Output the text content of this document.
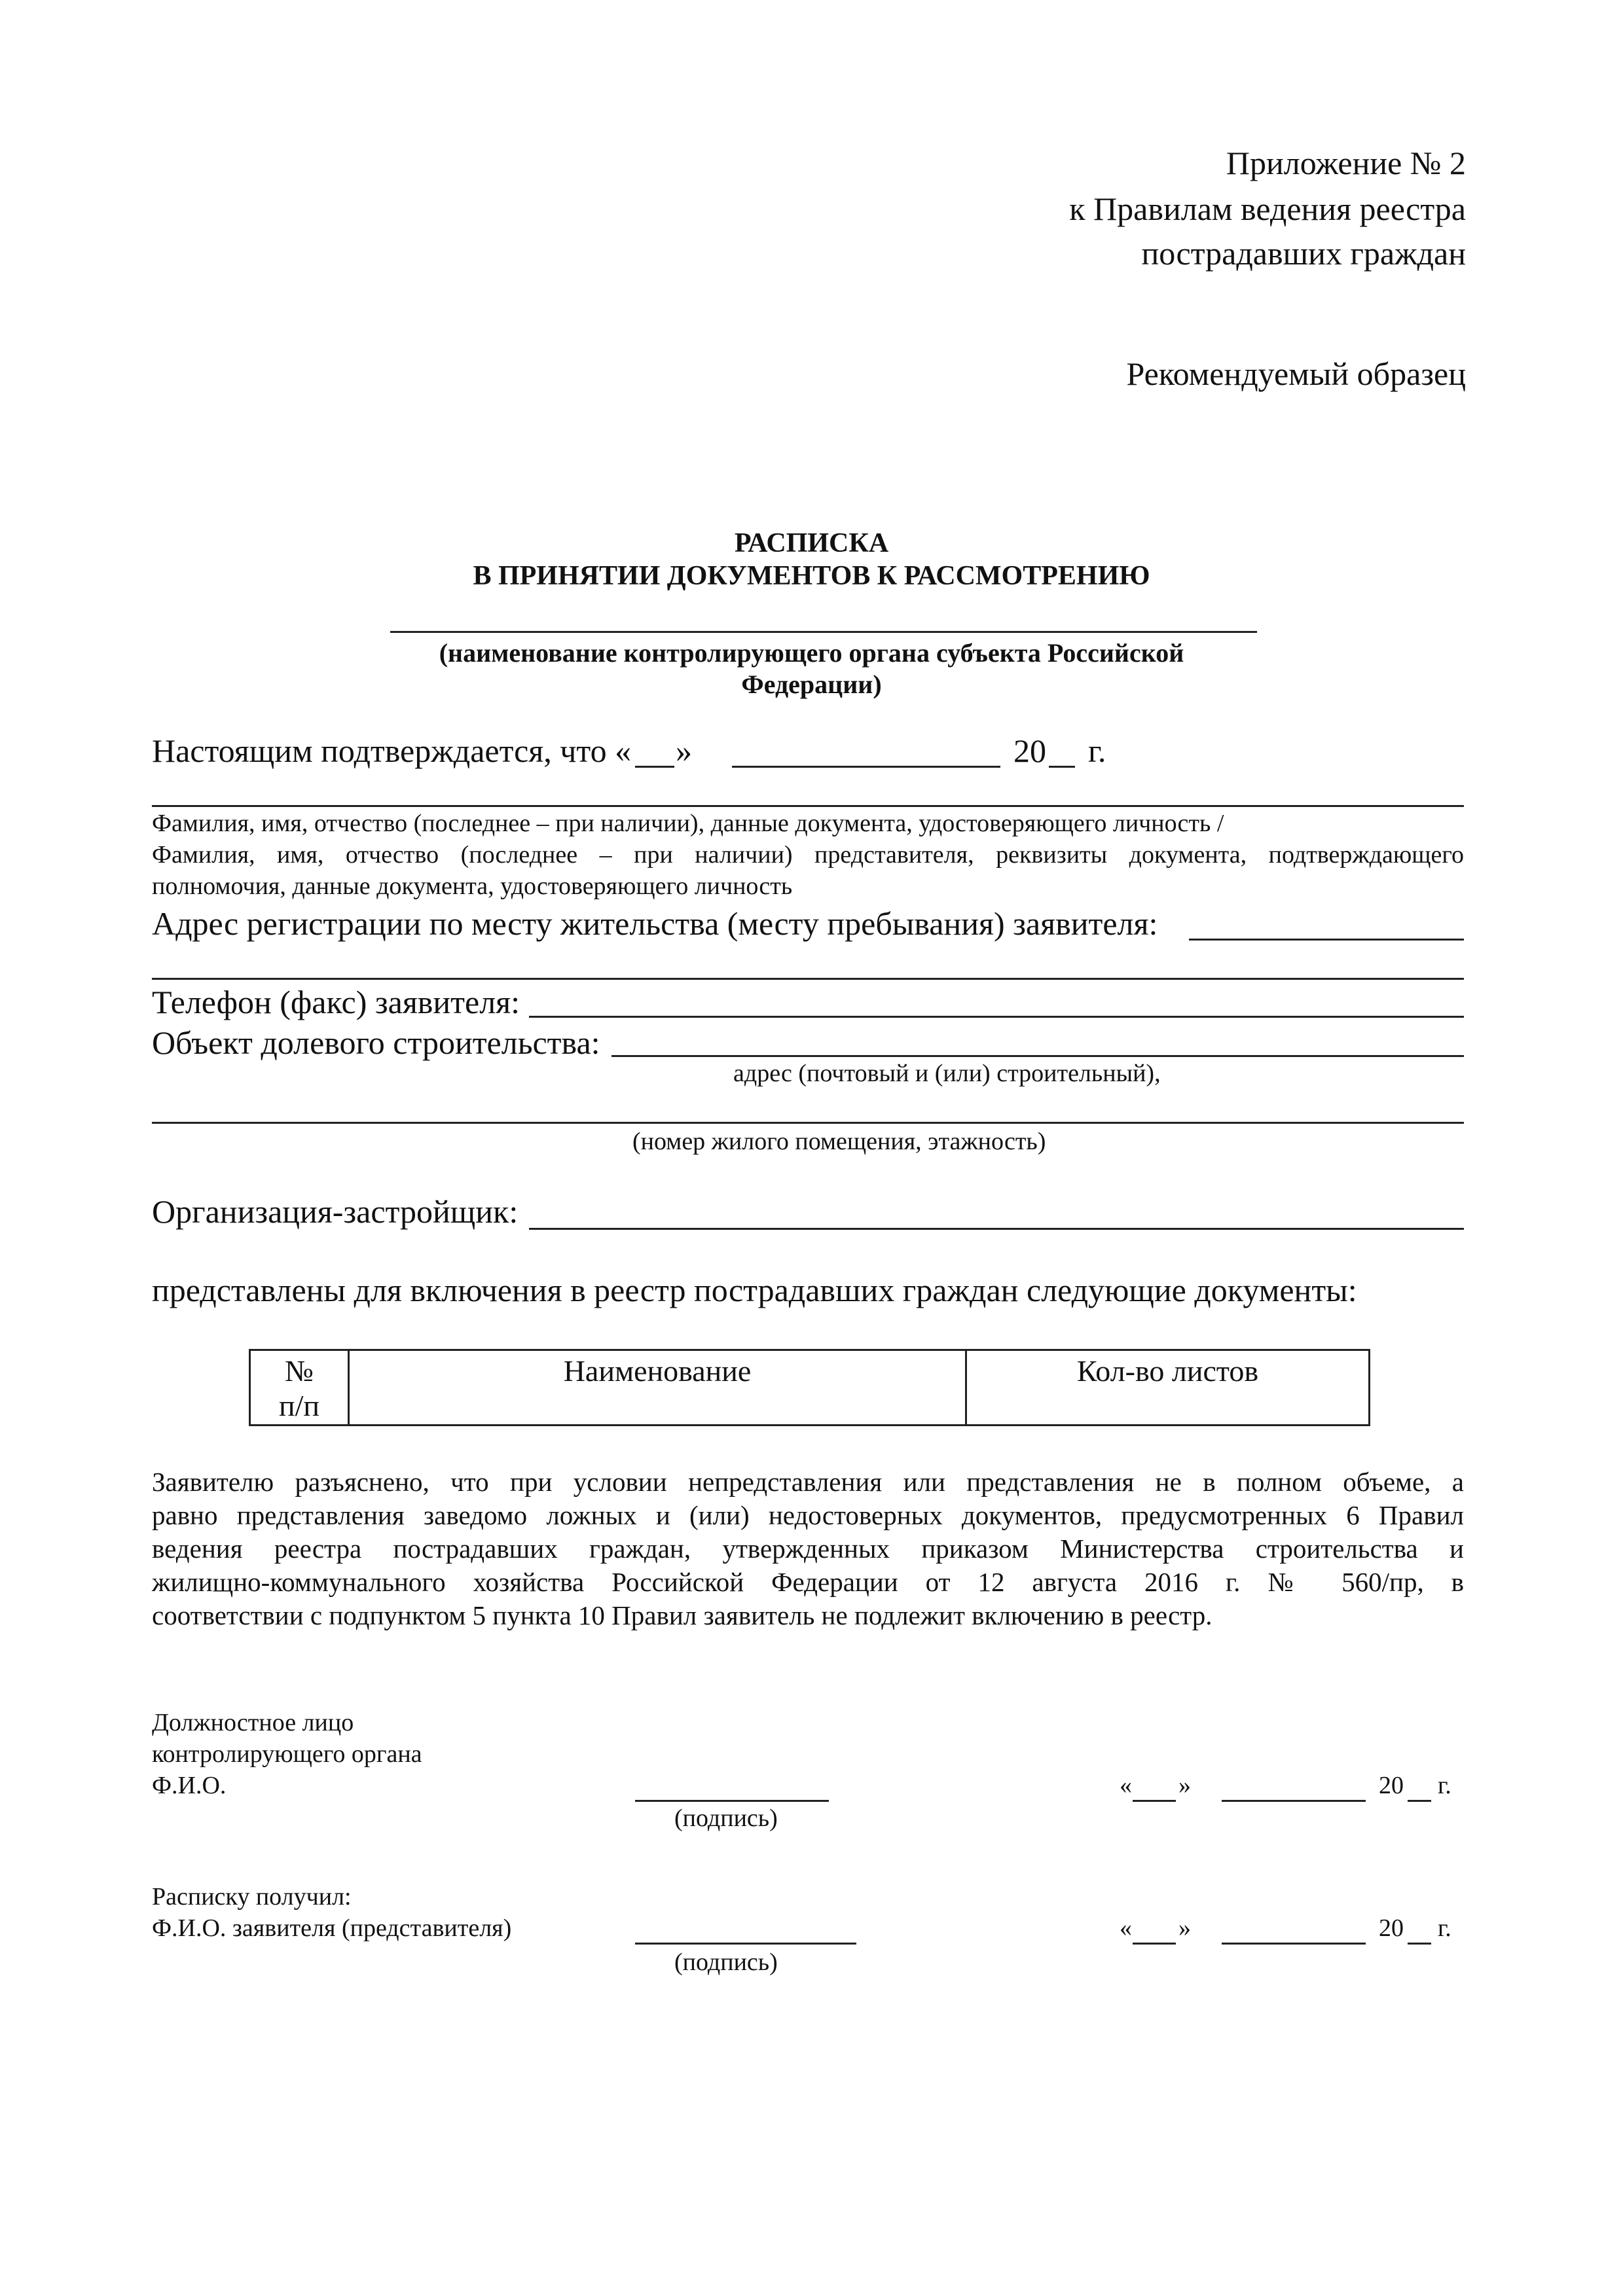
Приложение № 2
к Правилам ведения реестра
пострадавших граждан
Рекомендуемый образец
РАСПИСКА
В ПРИНЯТИИ ДОКУМЕНТОВ К РАССМОТРЕНИЮ
(наименование контролирующего органа субъекта Российской
Федерации)
Настоящим подтверждается, что « »	20 г.
Фамилия, имя, отчество (последнее – при наличии), данные документа, удостоверяющего личность /
Фамилия, имя, отчество (последнее – при наличии) представителя, реквизиты документа, подтверждающего
полномочия, данные документа, удостоверяющего личность
Адрес регистрации по месту жительства (месту пребывания) заявителя:
Телефон (факс) заявителя:
Объект долевого строительства:
адрес (почтовый и (или) строительный),
(номер жилого помещения, этажность)
Организация-застройщик:
представлены для включения в реестр пострадавших граждан следующие документы:
№
п/п
	Наименование	Кол-во листов
Заявителю разъяснено, что при условии непредставления или представления не в полном объеме, а
равно представления заведомо ложных и (или) недостоверных документов, предусмотренных 6 Правил
ведения реестра пострадавших граждан, утвержденных приказом Министерства строительства и
жилищно-коммунального хозяйства Российской Федерации от 12 августа 2016 г. № 560/пр, в
соответствии с подпунктом 5 пункта 10 Правил заявитель не подлежит включению в реестр.
Должностное лицо
контролирующего органа
Ф.И.О.
(подпись)
« »	20 г.
Расписку получил:
Ф.И.О. заявителя (представителя)
(подпись)
« »	20 г.
